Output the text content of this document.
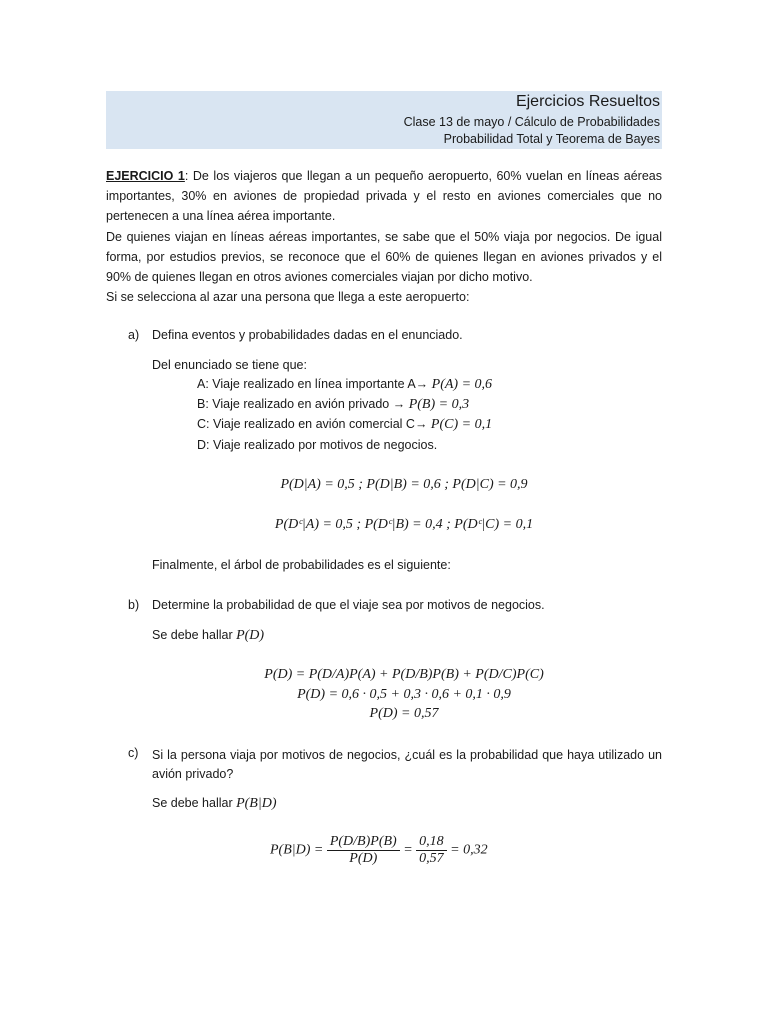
Ejercicios Resueltos
Clase 13 de mayo / Cálculo de Probabilidades
Probabilidad Total y Teorema de Bayes
EJERCICIO 1: De los viajeros que llegan a un pequeño aeropuerto, 60% vuelan en líneas aéreas importantes, 30% en aviones de propiedad privada y el resto en aviones comerciales que no pertenecen a una línea aérea importante.
De quienes viajan en líneas aéreas importantes, se sabe que el 50% viaja por negocios. De igual forma, por estudios previos, se reconoce que el 60% de quienes llegan en aviones privados y el 90% de quienes llegan en otros aviones comerciales viajan por dicho motivo.
Si se selecciona al azar una persona que llega a este aeropuerto:
a) Defina eventos y probabilidades dadas en el enunciado.
Del enunciado se tiene que:
A: Viaje realizado en línea importante A→ P(A) = 0,6
B: Viaje realizado en avión privado → P(B) = 0,3
C: Viaje realizado en avión comercial C→ P(C) = 0,1
D: Viaje realizado por motivos de negocios.
P(D|A) = 0,5 ; P(D|B) = 0,6 ; P(D|C) = 0,9
P(Dᶜ|A) = 0,5 ; P(Dᶜ|B) = 0,4 ; P(Dᶜ|C) = 0,1
Finalmente, el árbol de probabilidades es el siguiente:
b) Determine la probabilidad de que el viaje sea por motivos de negocios.
Se debe hallar P(D)
P(D) = P(D/A)P(A) + P(D/B)P(B) + P(D/C)P(C)
P(D) = 0,6 · 0,5 + 0,3 · 0,6 + 0,1 · 0,9
P(D) = 0,57
c) Si la persona viaja por motivos de negocios, ¿cuál es la probabilidad que haya utilizado un avión privado?
Se debe hallar P(B|D)
$P(B|D) = \frac{P(D/B)P(B)}{P(D)} = \frac{0,18}{0,57} = 0,32$
